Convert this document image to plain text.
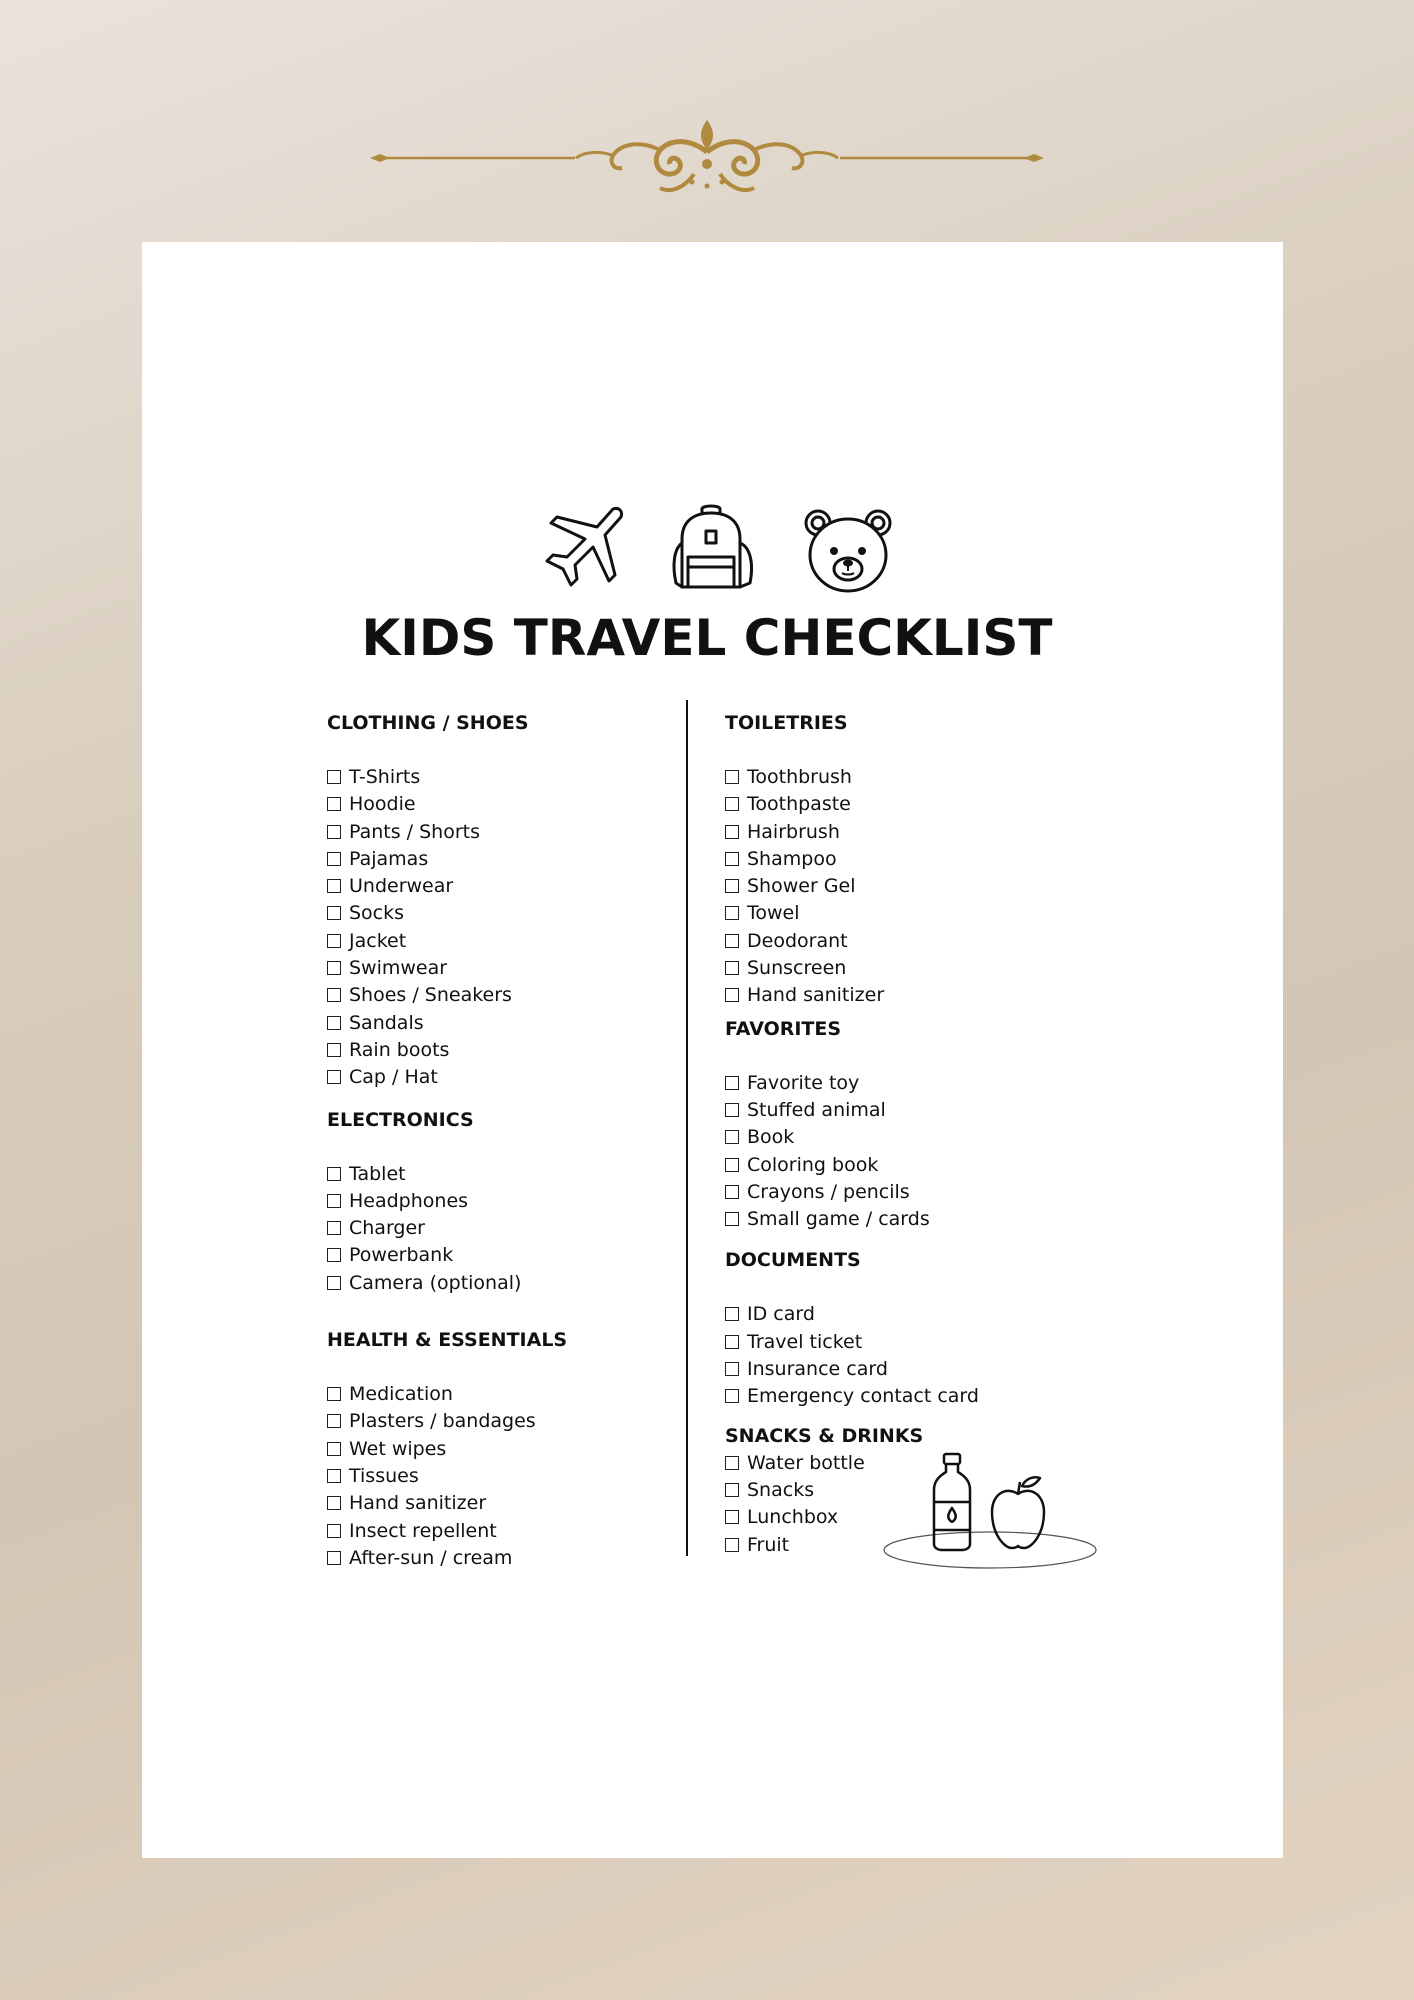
KIDS TRAVEL CHECKLIST
CLOTHING / SHOES
T-Shirts
Hoodie
Pants / Shorts
Pajamas
Underwear
Socks
Jacket
Swimwear
Shoes / Sneakers
Sandals
Rain boots
Cap / Hat
ELECTRONICS
Tablet
Headphones
Charger
Powerbank
Camera (optional)
HEALTH & ESSENTIALS
Medication
Plasters / bandages
Wet wipes
Tissues
Hand sanitizer
Insect repellent
After-sun / cream
TOILETRIES
Toothbrush
Toothpaste
Hairbrush
Shampoo
Shower Gel
Towel
Deodorant
Sunscreen
Hand sanitizer
FAVORITES
Favorite toy
Stuffed animal
Book
Coloring book
Crayons / pencils
Small game / cards
DOCUMENTS
ID card
Travel ticket
Insurance card
Emergency contact card
SNACKS & DRINKS
Water bottle
Snacks
Lunchbox
Fruit
